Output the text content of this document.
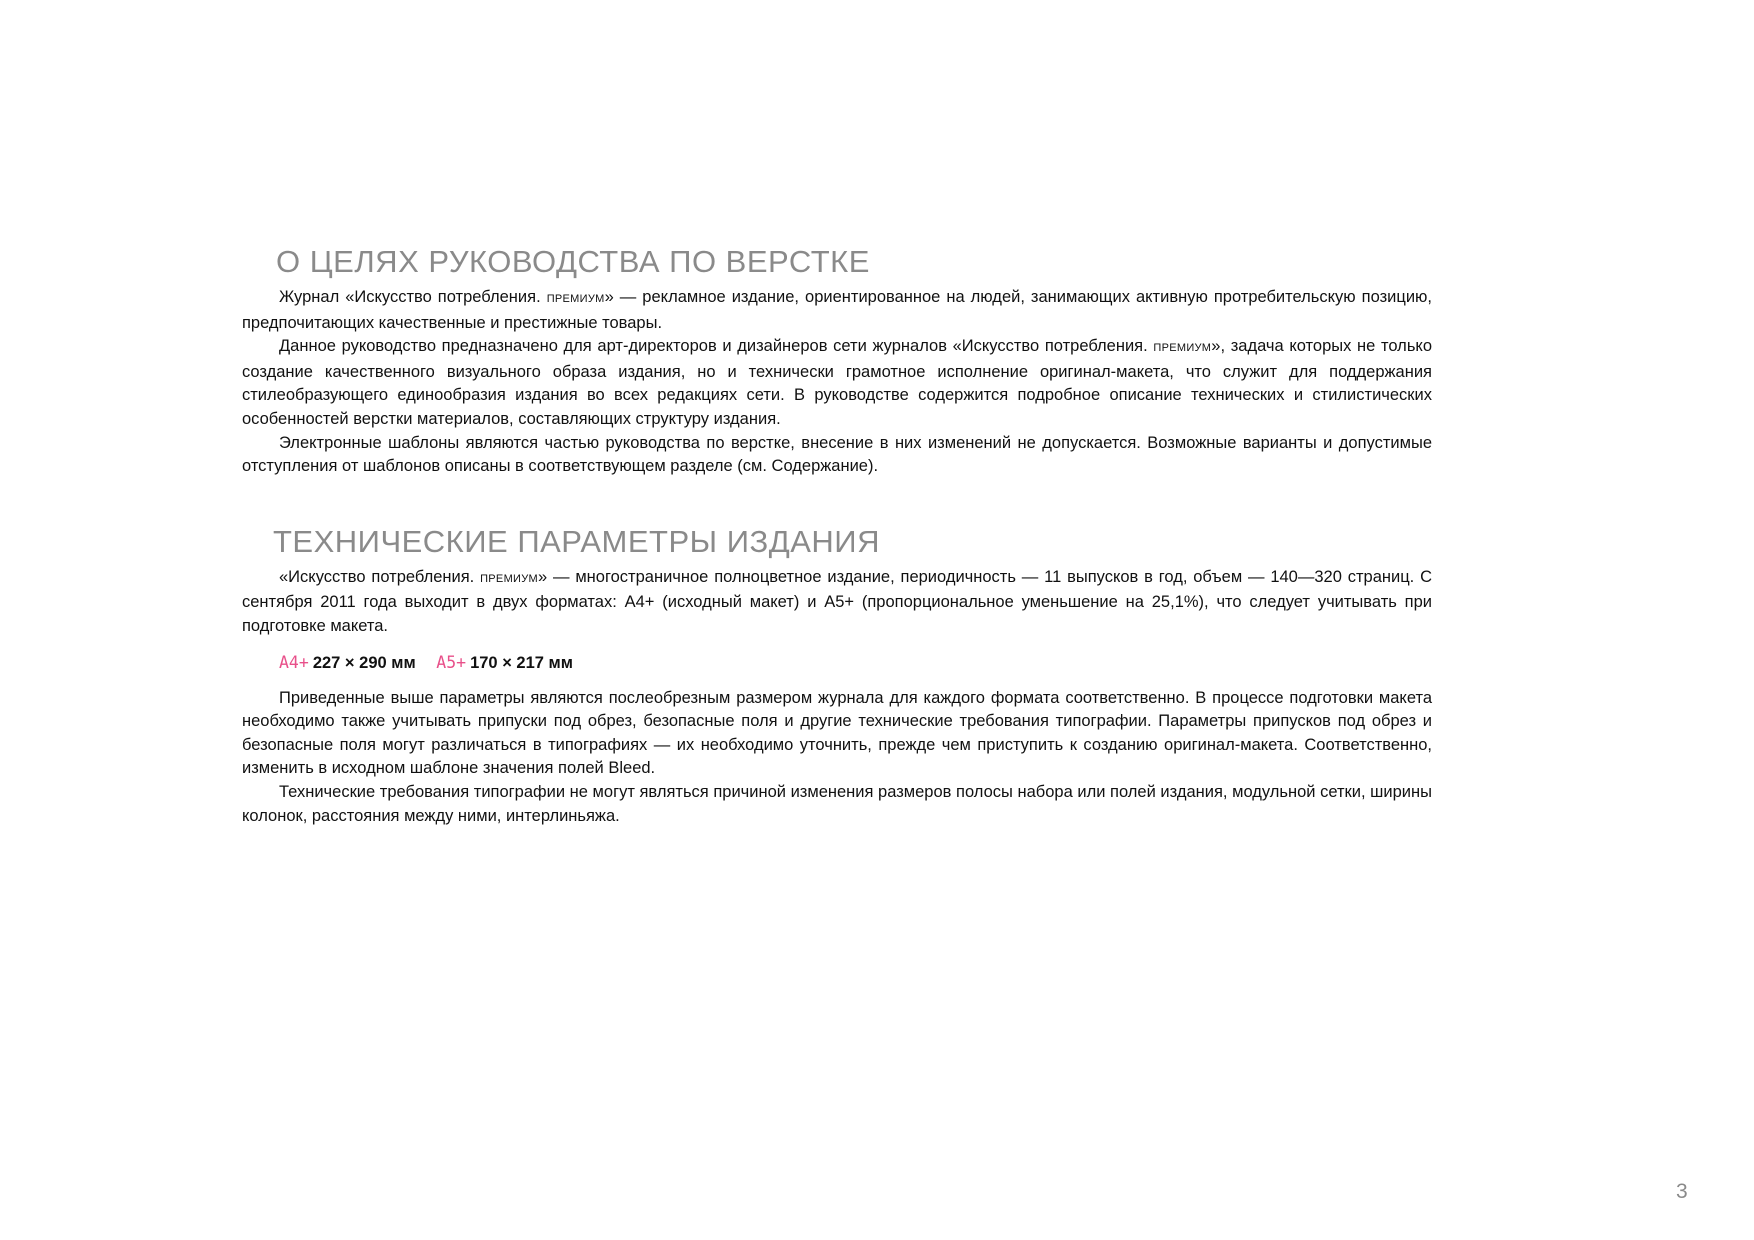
О ЦЕЛЯХ РУКОВОДСТВА ПО ВЕРСТКЕ

Журнал «Искусство потребления. ПРЕМИУМ» — рекламное издание, ориентированное на людей, занимающих активную протребительскую позицию, предпочитающих качественные и престижные товары.

Данное руководство предназначено для арт-директоров и дизайнеров сети журналов «Искусство потребления. ПРЕМИУМ», задача которых не только создание качественного визуального образа издания, но и технически грамотное исполнение оригинал-макета, что служит для поддержания стилеобразующего единообразия издания во всех редакциях сети. В руководстве содержится подробное описание технических и стилистических особенностей верстки материалов, составляющих структуру издания.

Электронные шаблоны являются частью руководства по верстке, внесение в них изменений не допускается. Возможные варианты и допустимые отступления от шаблонов описаны в соответствующем разделе (см. Содержание).

ТЕХНИЧЕСКИЕ ПАРАМЕТРЫ ИЗДАНИЯ

«Искусство потребления. ПРЕМИУМ» — многостраничное полноцветное издание, периодичность — 11 выпусков в год, объем — 140—320 страниц. С сентября 2011 года выходит в двух форматах: А4+ (исходный макет) и А5+ (пропорциональное уменьшение на 25,1%), что следует учитывать при подготовке макета.

А4+ 227 × 290 мм А5+ 170 × 217 мм

Приведенные выше параметры являются послеобрезным размером журнала для каждого формата соответственно. В процессе подготовки макета необходимо также учитывать припуски под обрез, безопасные поля и другие технические требования типографии. Параметры припусков под обрез и безопасные поля могут различаться в типографиях — их необходимо уточнить, прежде чем приступить к созданию оригинал-макета. Соответственно, изменить в исходном шаблоне значения полей Bleed.

Технические требования типографии не могут являться причиной изменения размеров полосы набора или полей издания, модульной сетки, ширины колонок, расстояния между ними, интерлиньяжа.

3
